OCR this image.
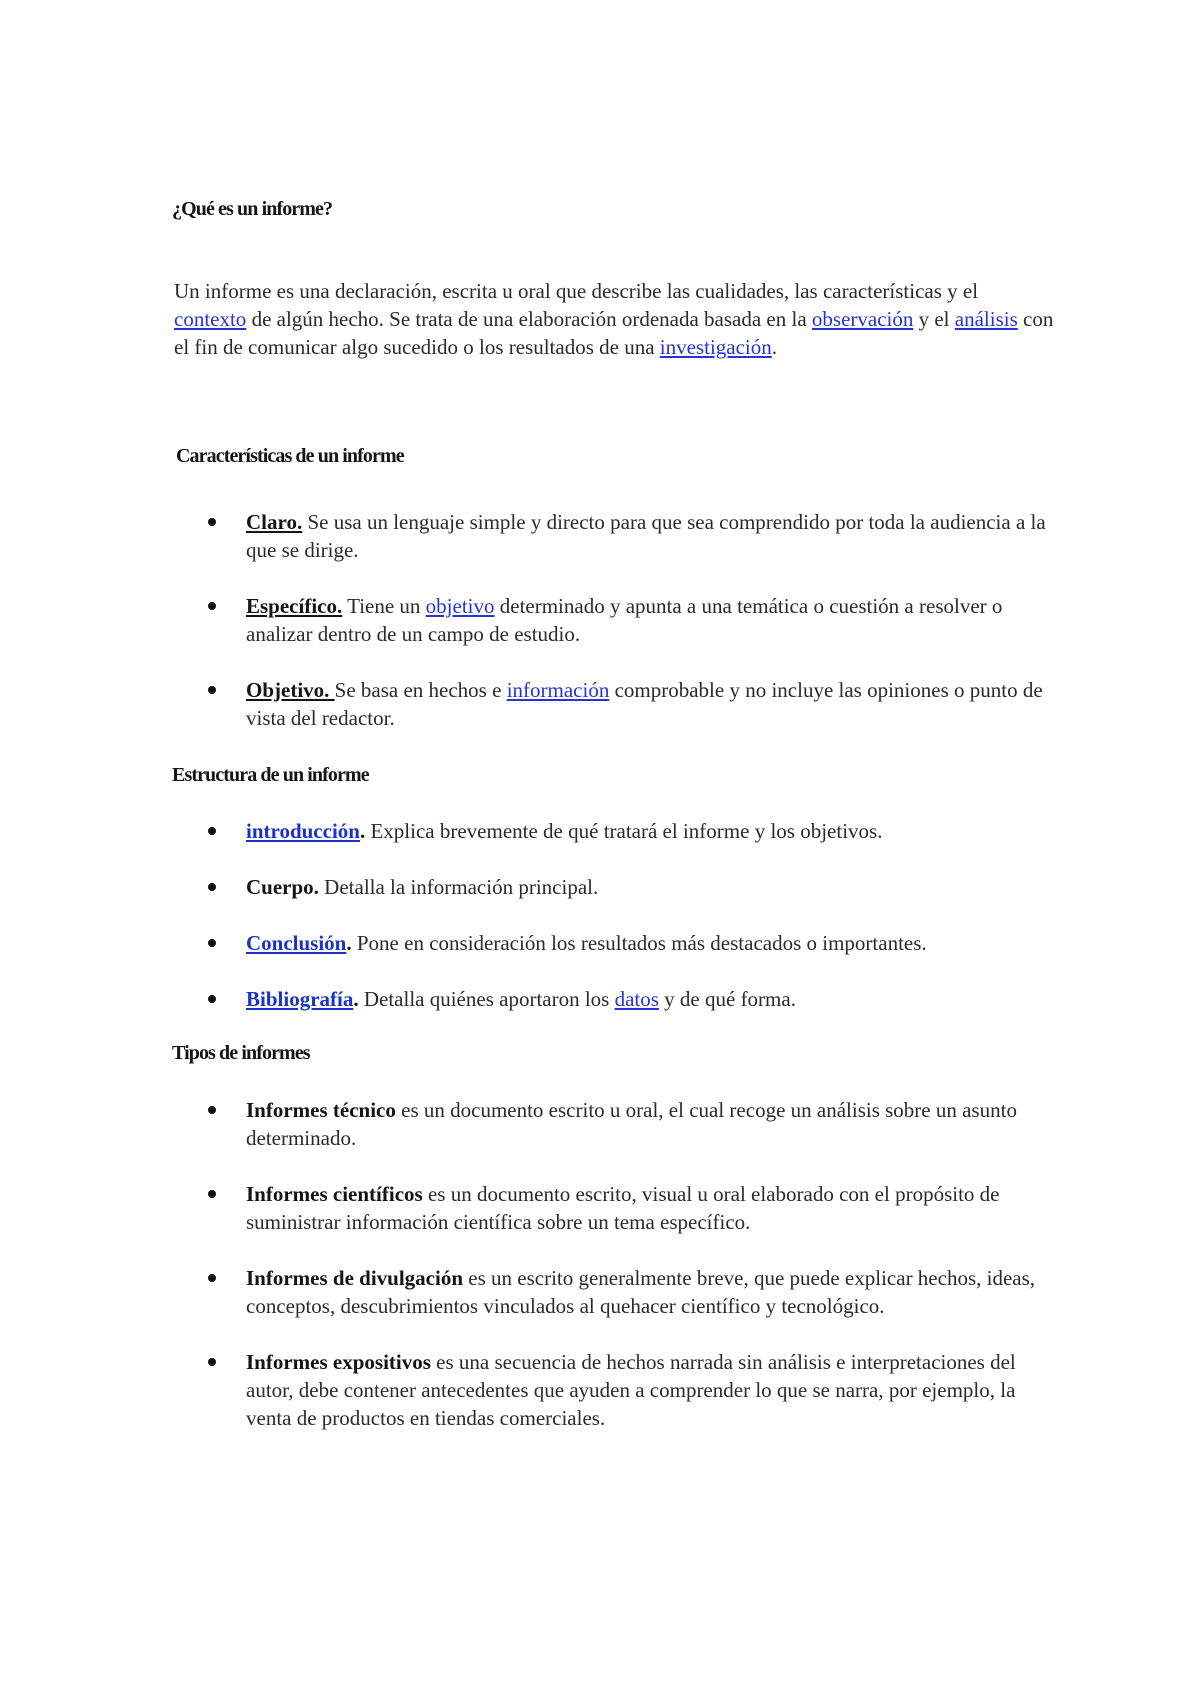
¿Qué es un informe?
Un informe es una declaración, escrita u oral que describe las cualidades, las características y el contexto de algún hecho. Se trata de una elaboración ordenada basada en la observación y el análisis con el fin de comunicar algo sucedido o los resultados de una investigación.
Características de un informe
Claro. Se usa un lenguaje simple y directo para que sea comprendido por toda la audiencia a la que se dirige.
Específico. Tiene un objetivo determinado y apunta a una temática o cuestión a resolver o analizar dentro de un campo de estudio.
Objetivo. Se basa en hechos e información comprobable y no incluye las opiniones o punto de vista del redactor.
Estructura de un informe
introducción. Explica brevemente de qué tratará el informe y los objetivos.
Cuerpo. Detalla la información principal.
Conclusión. Pone en consideración los resultados más destacados o importantes.
Bibliografía. Detalla quiénes aportaron los datos y de qué forma.
Tipos de informes
Informes técnico es un documento escrito u oral, el cual recoge un análisis sobre un asunto determinado.
Informes científicos es un documento escrito, visual u oral elaborado con el propósito de suministrar información científica sobre un tema específico.
Informes de divulgación es un escrito generalmente breve, que puede explicar hechos, ideas, conceptos, descubrimientos vinculados al quehacer científico y tecnológico.
Informes expositivos es una secuencia de hechos narrada sin análisis e interpretaciones del autor, debe contener antecedentes que ayuden a comprender lo que se narra, por ejemplo, la venta de productos en tiendas comerciales.
